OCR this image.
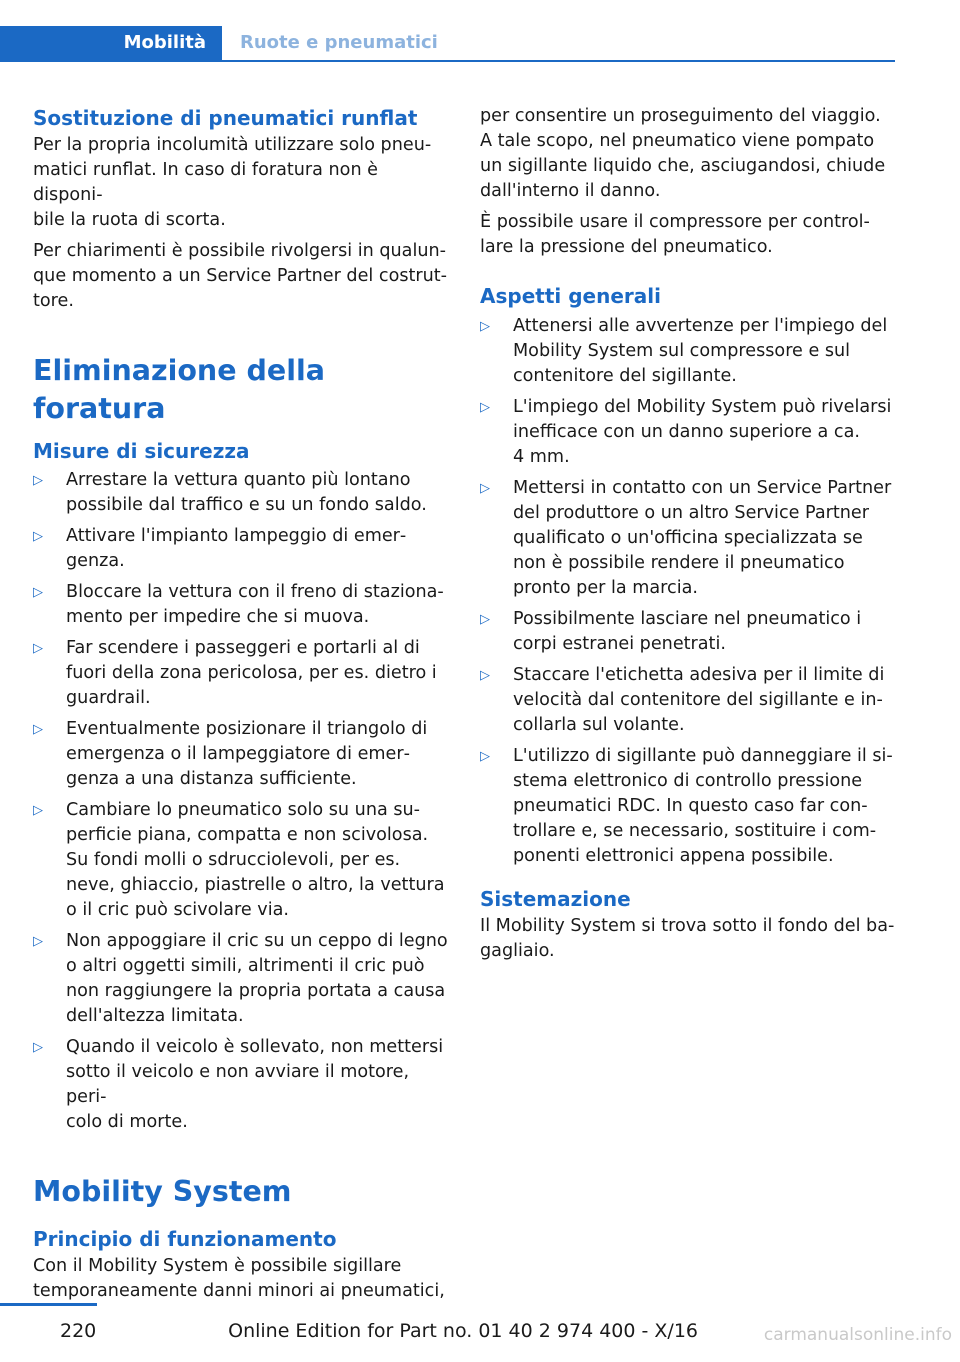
Mobilità	Ruote e pneumatici
Sostituzione di pneumatici runflat
Per la propria incolumità utilizzare solo pneu‐
matici runflat. In caso di foratura non è disponi‐
bile la ruota di scorta.
Per chiarimenti è possibile rivolgersi in qualun‐
que momento a un Service Partner del costrut‐
tore.
Eliminazione della foratura
Misure di sicurezza
▷ Arrestare la vettura quanto più lontano
possibile dal traffico e su un fondo saldo.
▷ Attivare l'impianto lampeggio di emer‐
genza.
▷ Bloccare la vettura con il freno di staziona‐
mento per impedire che si muova.
▷ Far scendere i passeggeri e portarli al di
fuori della zona pericolosa, per es. dietro i
guardrail.
▷ Eventualmente posizionare il triangolo di
emergenza o il lampeggiatore di emer‐
genza a una distanza sufficiente.
▷ Cambiare lo pneumatico solo su una su‐
perficie piana, compatta e non scivolosa.
Su fondi molli o sdrucciolevoli, per es.
neve, ghiaccio, piastrelle o altro, la vettura
o il cric può scivolare via.
▷ Non appoggiare il cric su un ceppo di legno
o altri oggetti simili, altrimenti il cric può
non raggiungere la propria portata a causa
dell'altezza limitata.
▷ Quando il veicolo è sollevato, non mettersi
sotto il veicolo e non avviare il motore, peri‐
colo di morte.
Mobility System
Principio di funzionamento
Con il Mobility System è possibile sigillare
temporaneamente danni minori ai pneumatici,
per consentire un proseguimento del viaggio.
A tale scopo, nel pneumatico viene pompato
un sigillante liquido che, asciugandosi, chiude
dall'interno il danno.
È possibile usare il compressore per control‐
lare la pressione del pneumatico.
Aspetti generali
▷ Attenersi alle avvertenze per l'impiego del
Mobility System sul compressore e sul
contenitore del sigillante.
▷ L'impiego del Mobility System può rivelarsi
inefficace con un danno superiore a ca.
4 mm.
▷ Mettersi in contatto con un Service Partner
del produttore o un altro Service Partner
qualificato o un'officina specializzata se
non è possibile rendere il pneumatico
pronto per la marcia.
▷ Possibilmente lasciare nel pneumatico i
corpi estranei penetrati.
▷ Staccare l'etichetta adesiva per il limite di
velocità dal contenitore del sigillante e in‐
collarla sul volante.
▷ L'utilizzo di sigillante può danneggiare il si‐
stema elettronico di controllo pressione
pneumatici RDC. In questo caso far con‐
trollare e, se necessario, sostituire i com‐
ponenti elettronici appena possibile.
Sistemazione
Il Mobility System si trova sotto il fondo del ba‐
gagliaio.
220	Online Edition for Part no. 01 40 2 974 400 - X/16	carmanualsonline.info
